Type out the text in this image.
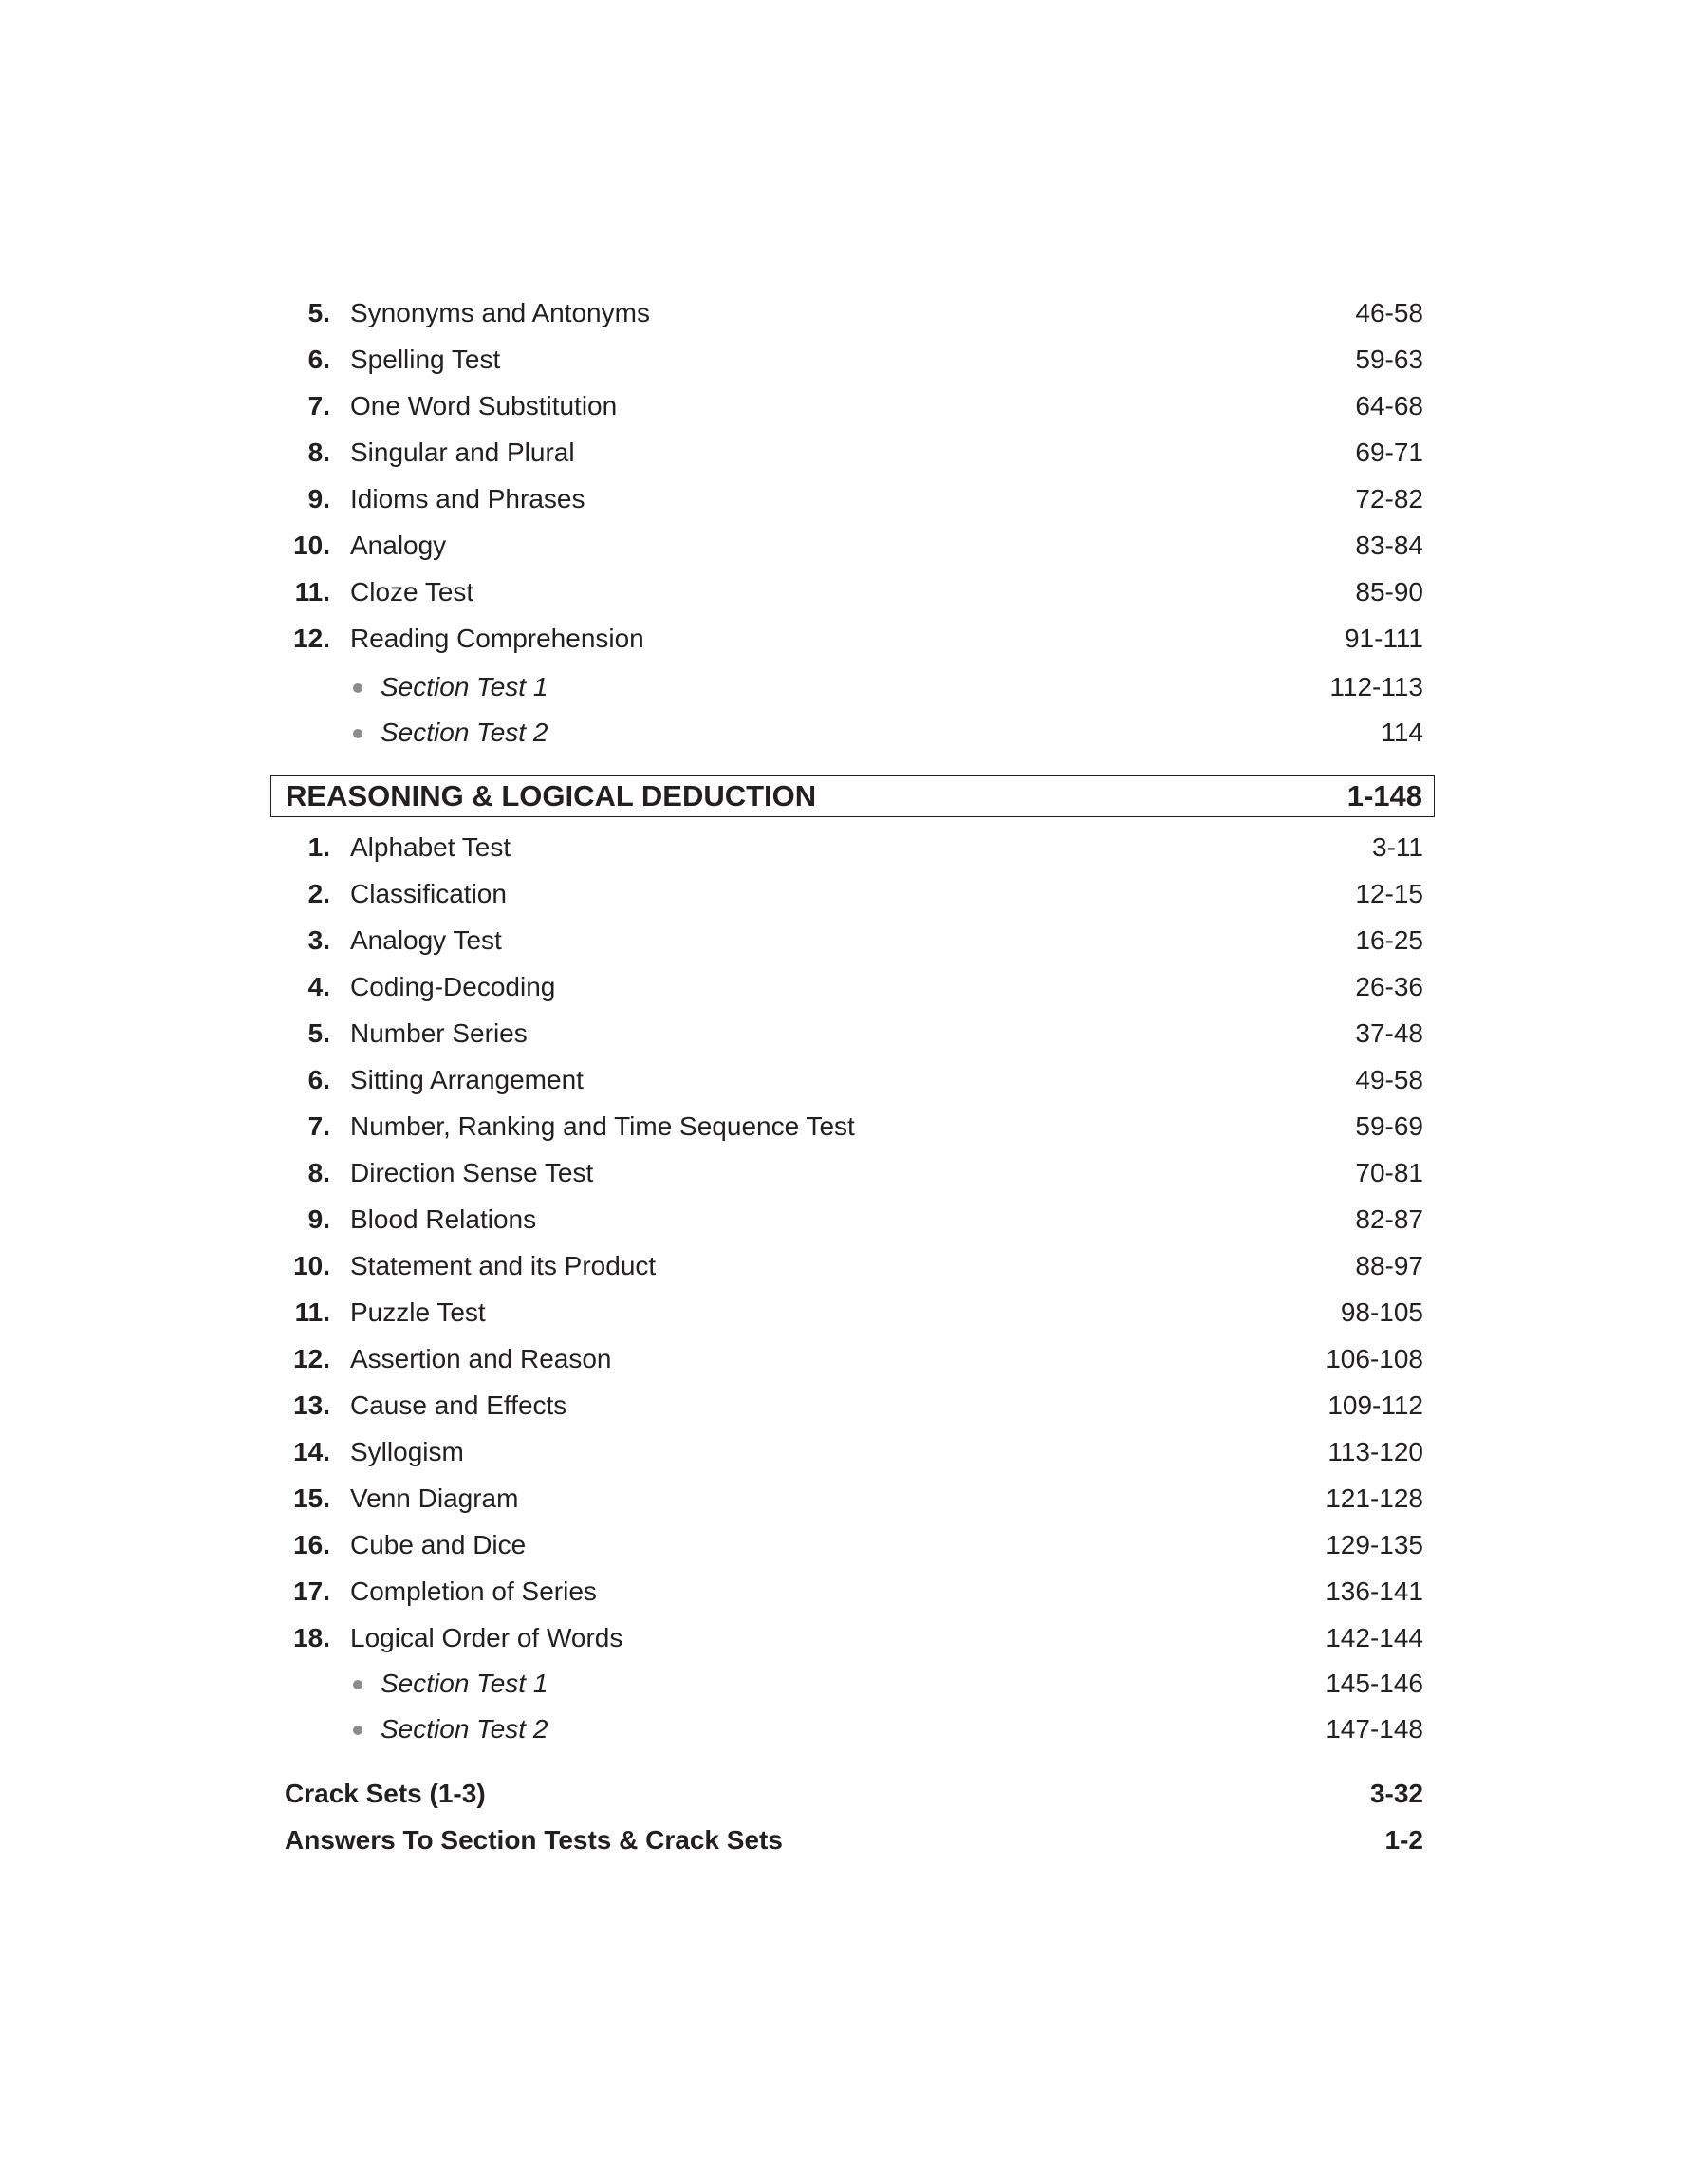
5. Synonyms and Antonyms	46-58
6. Spelling Test	59-63
7. One Word Substitution	64-68
8. Singular and Plural	69-71
9. Idioms and Phrases	72-82
10. Analogy	83-84
11. Cloze Test	85-90
12. Reading Comprehension	91-111
Section Test 1	112-113
Section Test 2	114
REASONING & LOGICAL DEDUCTION	1-148
1. Alphabet Test	3-11
2. Classification	12-15
3. Analogy Test	16-25
4. Coding-Decoding	26-36
5. Number Series	37-48
6. Sitting Arrangement	49-58
7. Number, Ranking and Time Sequence Test	59-69
8. Direction Sense Test	70-81
9. Blood Relations	82-87
10. Statement and its Product	88-97
11. Puzzle Test	98-105
12. Assertion and Reason	106-108
13. Cause and Effects	109-112
14. Syllogism	113-120
15. Venn Diagram	121-128
16. Cube and Dice	129-135
17. Completion of Series	136-141
18. Logical Order of Words	142-144
Section Test 1	145-146
Section Test 2	147-148
Crack Sets (1-3)	3-32
Answers To Section Tests & Crack Sets	1-2
